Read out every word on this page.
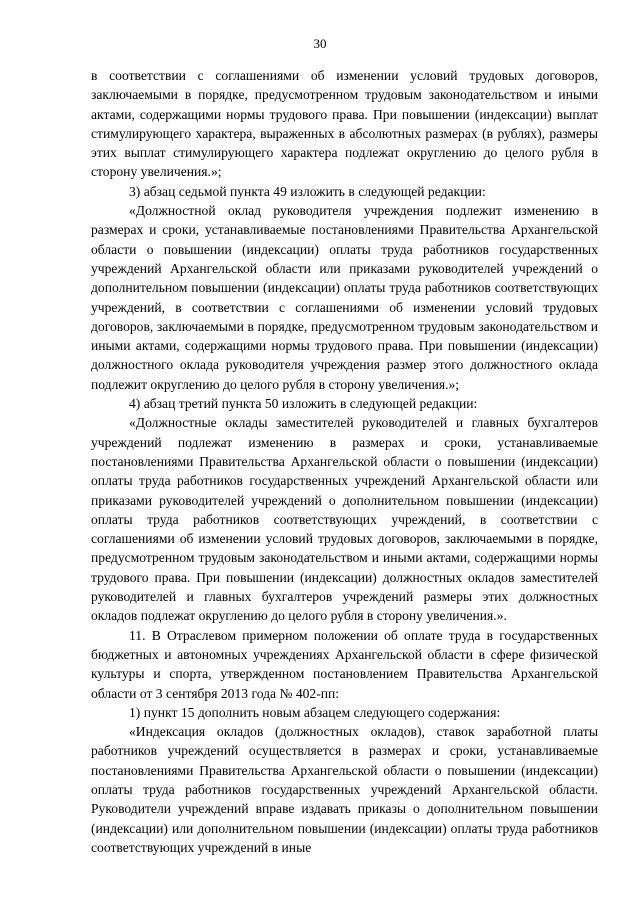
30

в соответствии с соглашениями об изменении условий трудовых договоров, заключаемыми в порядке, предусмотренном трудовым законодательством и иными актами, содержащими нормы трудового права. При повышении (индексации) выплат стимулирующего характера, выраженных в абсолютных размерах (в рублях), размеры этих выплат стимулирующего характера подлежат округлению до целого рубля в сторону увеличения.»;

3) абзац седьмой пункта 49 изложить в следующей редакции:

«Должностной оклад руководителя учреждения подлежит изменению в размерах и сроки, устанавливаемые постановлениями Правительства Архангельской области о повышении (индексации) оплаты труда работников государственных учреждений Архангельской области или приказами руководителей учреждений о дополнительном повышении (индексации) оплаты труда работников соответствующих учреждений, в соответствии с соглашениями об изменении условий трудовых договоров, заключаемыми в порядке, предусмотренном трудовым законодательством и иными актами, содержащими нормы трудового права. При повышении (индексации) должностного оклада руководителя учреждения размер этого должностного оклада подлежит округлению до целого рубля в сторону увеличения.»;

4) абзац третий пункта 50 изложить в следующей редакции:

«Должностные оклады заместителей руководителей и главных бухгалтеров учреждений подлежат изменению в размерах и сроки, устанавливаемые постановлениями Правительства Архангельской области о повышении (индексации) оплаты труда работников государственных учреждений Архангельской области или приказами руководителей учреждений о дополнительном повышении (индексации) оплаты труда работников соответствующих учреждений, в соответствии с соглашениями об изменении условий трудовых договоров, заключаемыми в порядке, предусмотренном трудовым законодательством и иными актами, содержащими нормы трудового права. При повышении (индексации) должностных окладов заместителей руководителей и главных бухгалтеров учреждений размеры этих должностных окладов подлежат округлению до целого рубля в сторону увеличения.».

11. В Отраслевом примерном положении об оплате труда в государственных бюджетных и автономных учреждениях Архангельской области в сфере физической культуры и спорта, утвержденном постановлением Правительства Архангельской области от 3 сентября 2013 года № 402-пп:

1) пункт 15 дополнить новым абзацем следующего содержания:

«Индексация окладов (должностных окладов), ставок заработной платы работников учреждений осуществляется в размерах и сроки, устанавливаемые постановлениями Правительства Архангельской области о повышении (индексации) оплаты труда работников государственных учреждений Архангельской области. Руководители учреждений вправе издавать приказы о дополнительном повышении (индексации) или дополнительном повышении (индексации) оплаты труда работников соответствующих учреждений в иные
